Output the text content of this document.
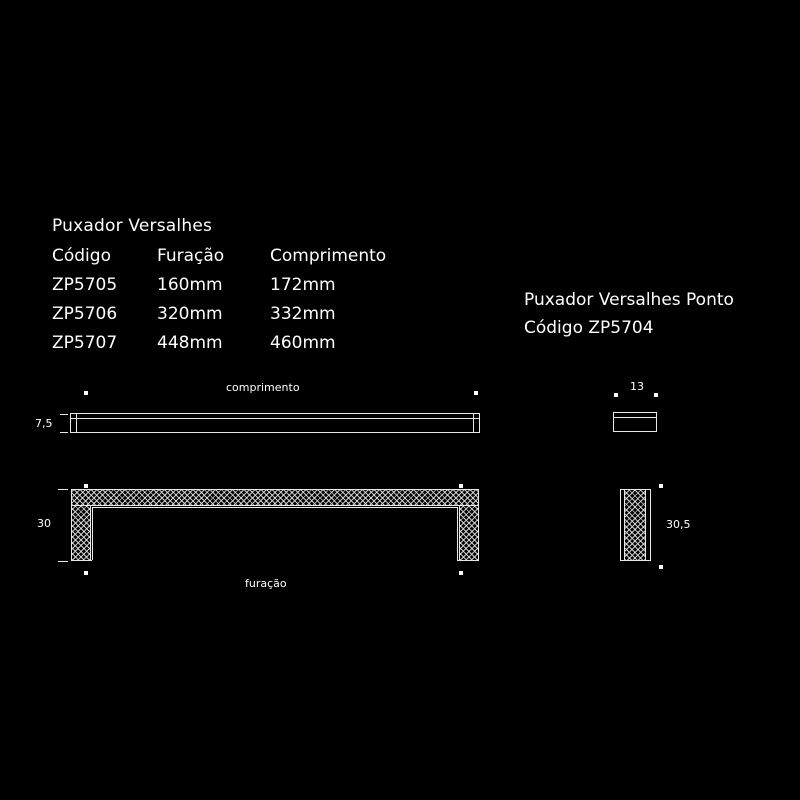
Puxador Versalhes
Código	Furação	Comprimento
ZP5705 160mm	172mm
ZP5706 320mm	332mm
ZP5707 448mm	460mm
Puxador Versalhes Ponto
Código ZP5704
comprimento
7,5
30
furação
13
30,5
